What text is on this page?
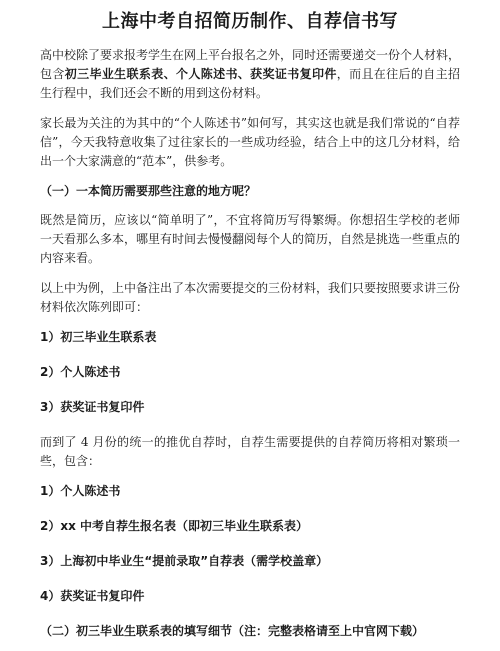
上海中考自招简历制作、自荐信书写

高中校除了要求报考学生在网上平台报名之外，同时还需要递交一份个人材料，包含初三毕业生联系表、个人陈述书、获奖证书复印件，而且在往后的自主招生行程中，我们还会不断的用到这份材料。

家长最为关注的为其中的“个人陈述书”如何写，其实这也就是我们常说的“自荐信”，今天我特意收集了过往家长的一些成功经验，结合上中的这几分材料，给出一个大家满意的“范本”，供参考。

（一）一本简历需要那些注意的地方呢？

既然是简历，应该以“简单明了”，不宜将简历写得繁缛。你想招生学校的老师一天看那么多本，哪里有时间去慢慢翻阅每个人的简历，自然是挑选一些重点的内容来看。

以上中为例，上中备注出了本次需要提交的三份材料，我们只要按照要求讲三份材料依次陈列即可：

1）初三毕业生联系表
2）个人陈述书
3）获奖证书复印件

而到了 4 月份的统一的推优自荐时，自荐生需要提供的自荐简历将相对繁琐一些，包含：

1）个人陈述书
2）xx 中考自荐生报名表（即初三毕业生联系表）
3）上海初中毕业生“提前录取”自荐表（需学校盖章）
4）获奖证书复印件
（二）初三毕业生联系表的填写细节（注：完整表格请至上中官网下载）
